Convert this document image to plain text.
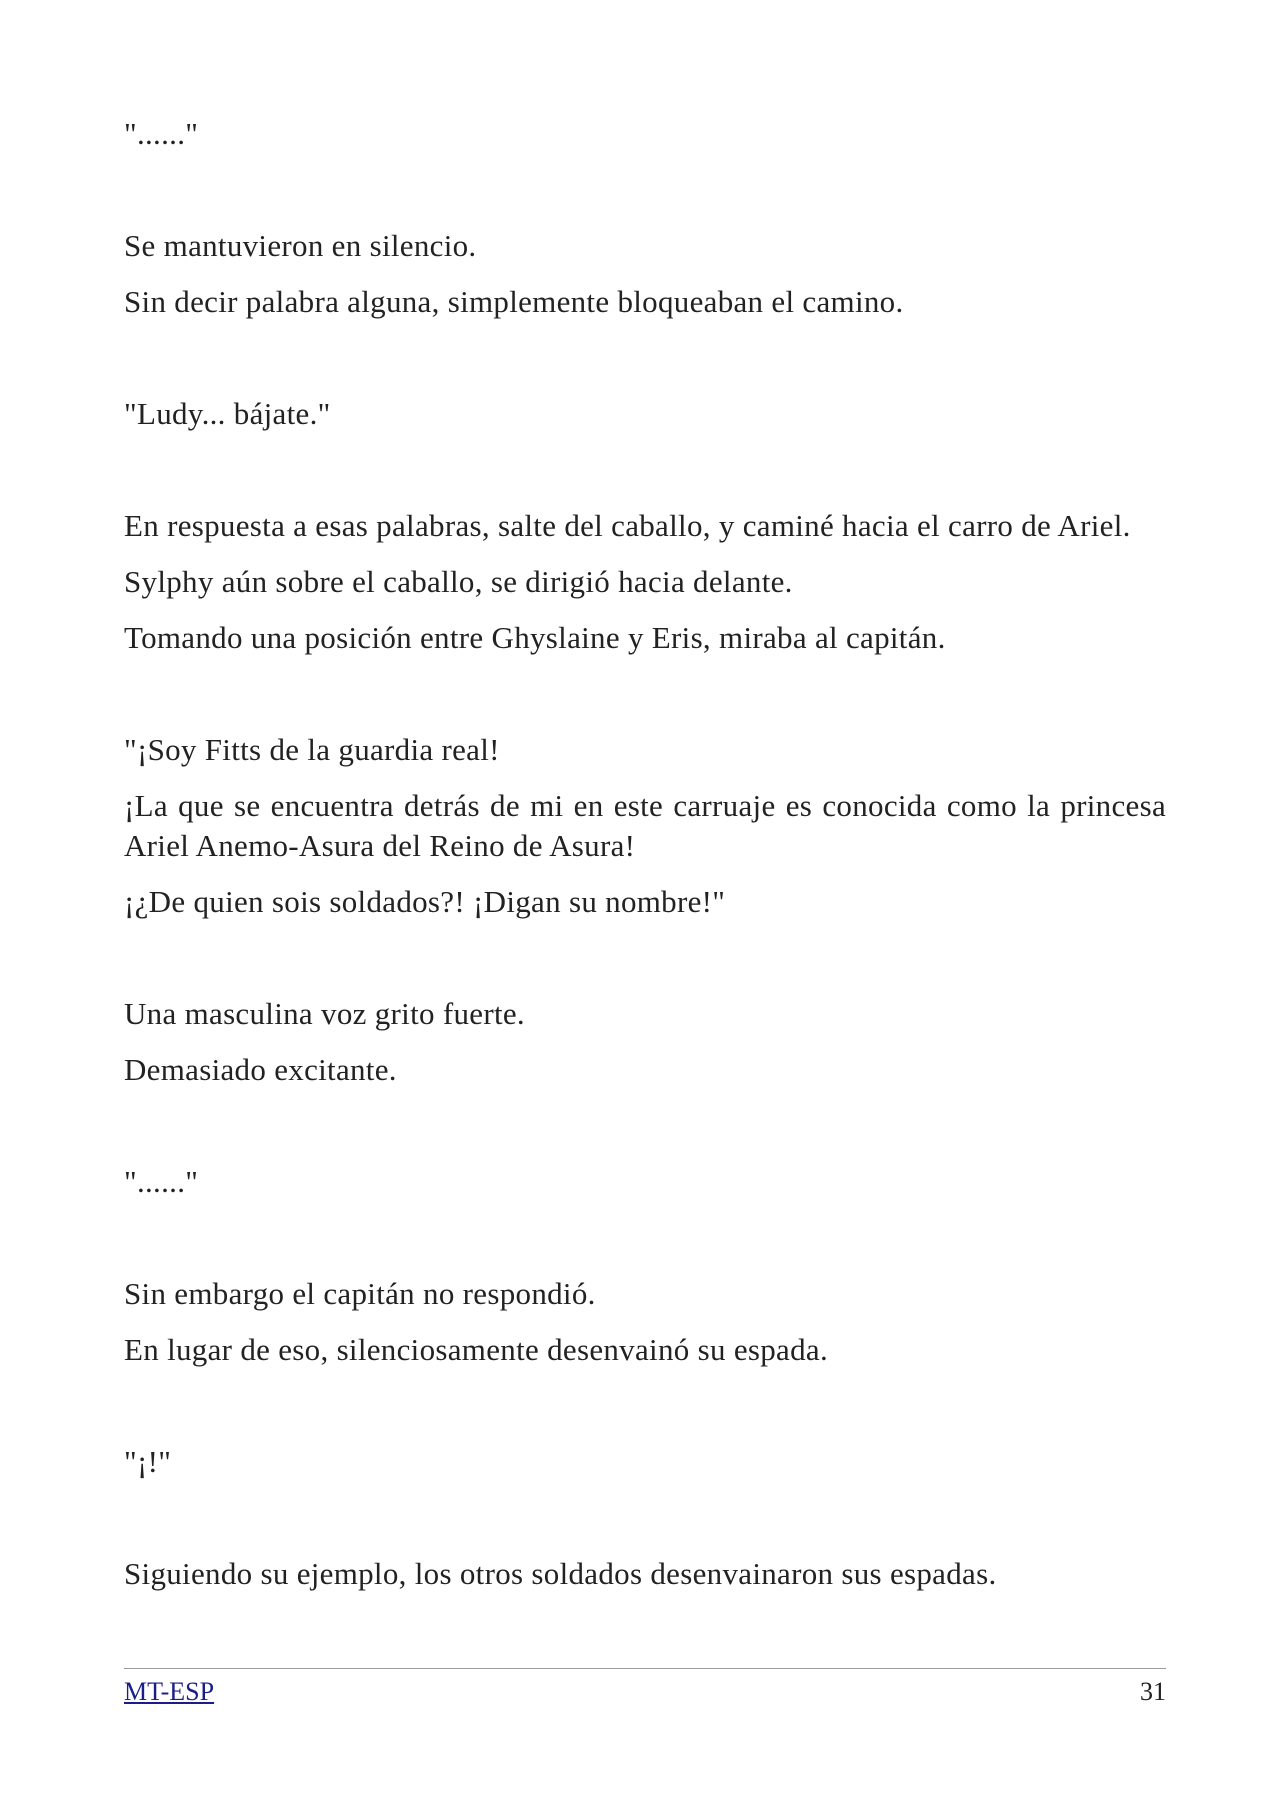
"......"

Se mantuvieron en silencio.

Sin decir palabra alguna, simplemente bloqueaban el camino.

"Ludy... bájate."

En respuesta a esas palabras, salte del caballo, y caminé hacia el carro de Ariel.

Sylphy aún sobre el caballo, se dirigió hacia delante.

Tomando una posición entre Ghyslaine y Eris, miraba al capitán.

"¡Soy Fitts de la guardia real!

¡La que se encuentra detrás de mi en este carruaje es conocida como la princesa Ariel Anemo-Asura del Reino de Asura!

¡¿De quien sois soldados?! ¡Digan su nombre!"

Una masculina voz grito fuerte.

Demasiado excitante.

"......"

Sin embargo el capitán no respondió.

En lugar de eso, silenciosamente desenvainó su espada.

"¡!"

Siguiendo su ejemplo, los otros soldados desenvainaron sus espadas.

MT-ESP	31
